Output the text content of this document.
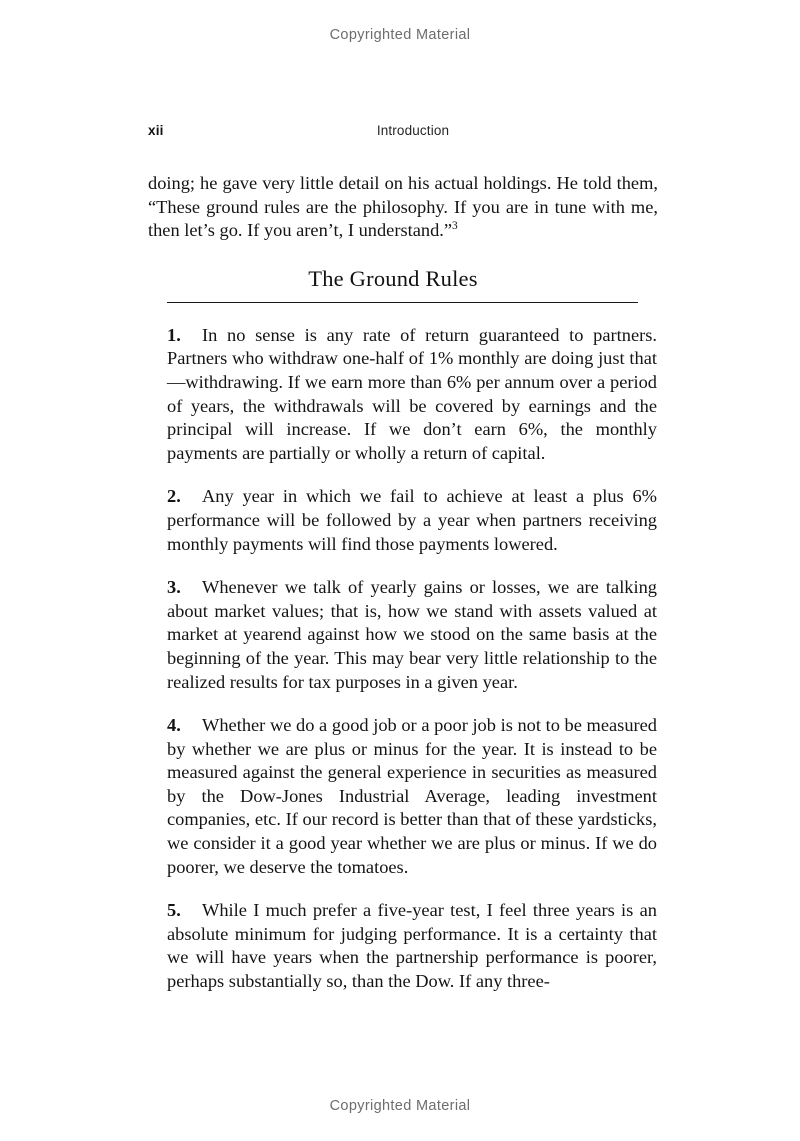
Copyrighted Material
xii	Introduction

doing; he gave very little detail on his actual holdings. He told them, “These ground rules are the philosophy. If you are in tune with me, then let’s go. If you aren’t, I understand.”$^3$

The Ground Rules
1. In no sense is any rate of return guaranteed to partners. Partners who withdraw one-half of 1% monthly are doing just that—withdrawing. If we earn more than 6% per annum over a period of years, the withdrawals will be covered by earnings and the principal will increase. If we don’t earn 6%, the monthly payments are partially or wholly a return of capital.
2. Any year in which we fail to achieve at least a plus 6% performance will be followed by a year when partners receiving monthly payments will find those payments lowered.
3. Whenever we talk of yearly gains or losses, we are talking about market values; that is, how we stand with assets valued at market at yearend against how we stood on the same basis at the beginning of the year. This may bear very little relationship to the realized results for tax purposes in a given year.
4. Whether we do a good job or a poor job is not to be measured by whether we are plus or minus for the year. It is instead to be measured against the general experience in securities as measured by the Dow-Jones Industrial Average, leading investment companies, etc. If our record is better than that of these yardsticks, we consider it a good year whether we are plus or minus. If we do poorer, we deserve the tomatoes.
5. While I much prefer a five-year test, I feel three years is an absolute minimum for judging performance. It is a certainty that we will have years when the partnership performance is poorer, perhaps substantially so, than the Dow. If any three-
Copyrighted Material
